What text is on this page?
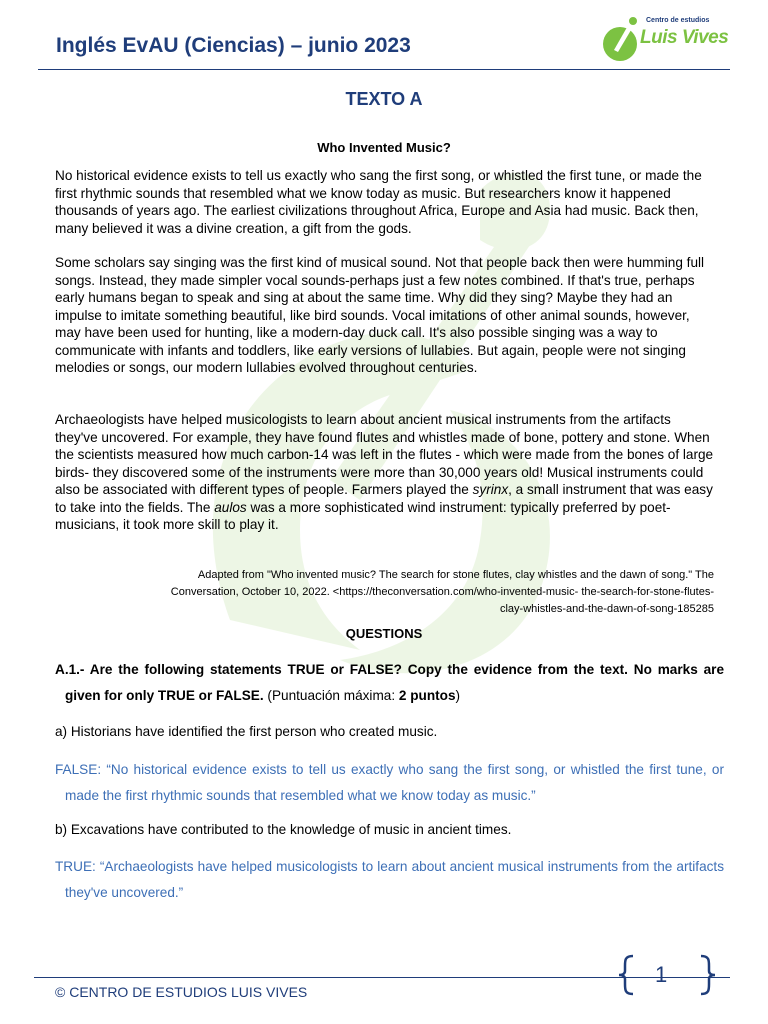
Inglés EvAU (Ciencias) – junio 2023
Centro de estudios
Luis Vives
TEXTO A
Who Invented Music?

No historical evidence exists to tell us exactly who sang the first song, or whistled the first tune, or made the first rhythmic sounds that resembled what we know today as music. But researchers know it happened thousands of years ago. The earliest civilizations throughout Africa, Europe and Asia had music. Back then, many believed it was a divine creation, a gift from the gods.

Some scholars say singing was the first kind of musical sound. Not that people back then were humming full songs. Instead, they made simpler vocal sounds-perhaps just a few notes combined. If that's true, perhaps early humans began to speak and sing at about the same time. Why did they sing? Maybe they had an impulse to imitate something beautiful, like bird sounds. Vocal imitations of other animal sounds, however, may have been used for hunting, like a modern-day duck call. It's also possible singing was a way to communicate with infants and toddlers, like early versions of lullabies. But again, people were not singing melodies or songs, our modern lullabies evolved throughout centuries.

Archaeologists have helped musicologists to learn about ancient musical instruments from the artifacts they've uncovered. For example, they have found flutes and whistles made of bone, pottery and stone. When the scientists measured how much carbon-14 was left in the flutes - which were made from the bones of large birds- they discovered some of the instruments were more than 30,000 years old! Musical instruments could also be associated with different types of people. Farmers played the syrinx, a small instrument that was easy to take into the fields. The aulos was a more sophisticated wind instrument: typically preferred by poet-musicians, it took more skill to play it.

Adapted from "Who invented music? The search for stone flutes, clay whistles and the dawn of song." The
Conversation, October 10, 2022. <https://theconversation.com/who-invented-music- the-search-for-stone-flutes-
clay-whistles-and-the-dawn-of-song-185285
QUESTIONS
A.1.- Are the following statements TRUE or FALSE? Copy the evidence from the text. No marks are given for only TRUE or FALSE. (Puntuación máxima: 2 puntos)
a) Historians have identified the first person who created music.
FALSE: “No historical evidence exists to tell us exactly who sang the first song, or whistled the first tune, or made the first rhythmic sounds that resembled what we know today as music.”
b) Excavations have contributed to the knowledge of music in ancient times.
TRUE: “Archaeologists have helped musicologists to learn about ancient musical instruments from the artifacts they've uncovered.”
© CENTRO DE ESTUDIOS LUIS VIVES
1
